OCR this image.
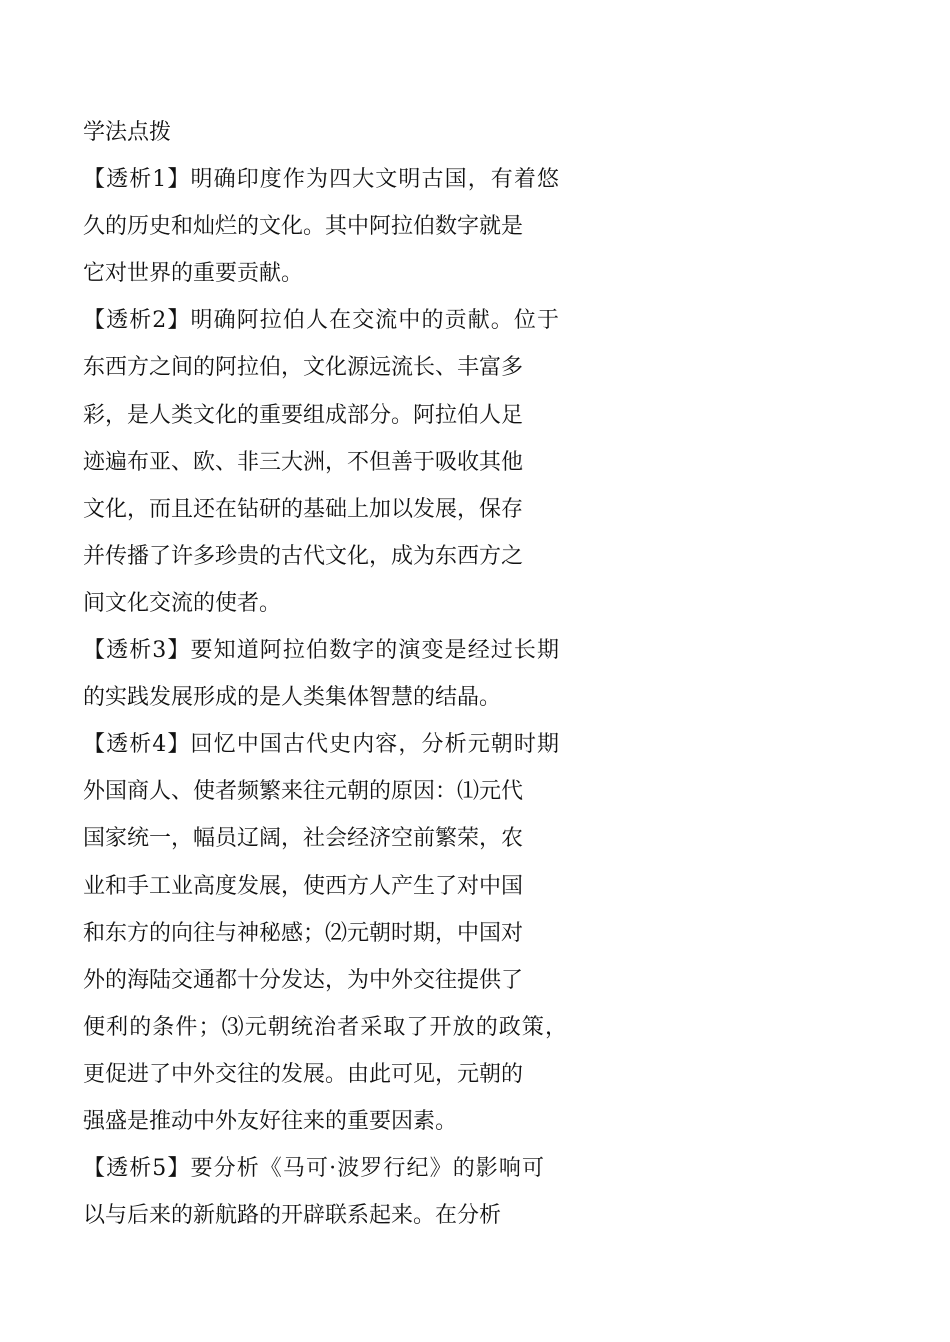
学法点拨
【透析1】明确印度作为四大文明古国，有着悠
久的历史和灿烂的文化。其中阿拉伯数字就是
它对世界的重要贡献。
【透析2】明确阿拉伯人在交流中的贡献。位于
东西方之间的阿拉伯，文化源远流长、丰富多
彩，是人类文化的重要组成部分。阿拉伯人足
迹遍布亚、欧、非三大洲，不但善于吸收其他
文化，而且还在钻研的基础上加以发展，保存
并传播了许多珍贵的古代文化，成为东西方之
间文化交流的使者。
【透析3】要知道阿拉伯数字的演变是经过长期
的实践发展形成的是人类集体智慧的结晶。
【透析4】回忆中国古代史内容，分析元朝时期
外国商人、使者频繁来往元朝的原因：⑴元代
国家统一，幅员辽阔，社会经济空前繁荣，农
业和手工业高度发展，使西方人产生了对中国
和东方的向往与神秘感；⑵元朝时期，中国对
外的海陆交通都十分发达，为中外交往提供了
便利的条件；⑶元朝统治者采取了开放的政策，
更促进了中外交往的发展。由此可见，元朝的
强盛是推动中外友好往来的重要因素。
【透析5】要分析《马可·波罗行纪》的影响可
以与后来的新航路的开辟联系起来。在分析
